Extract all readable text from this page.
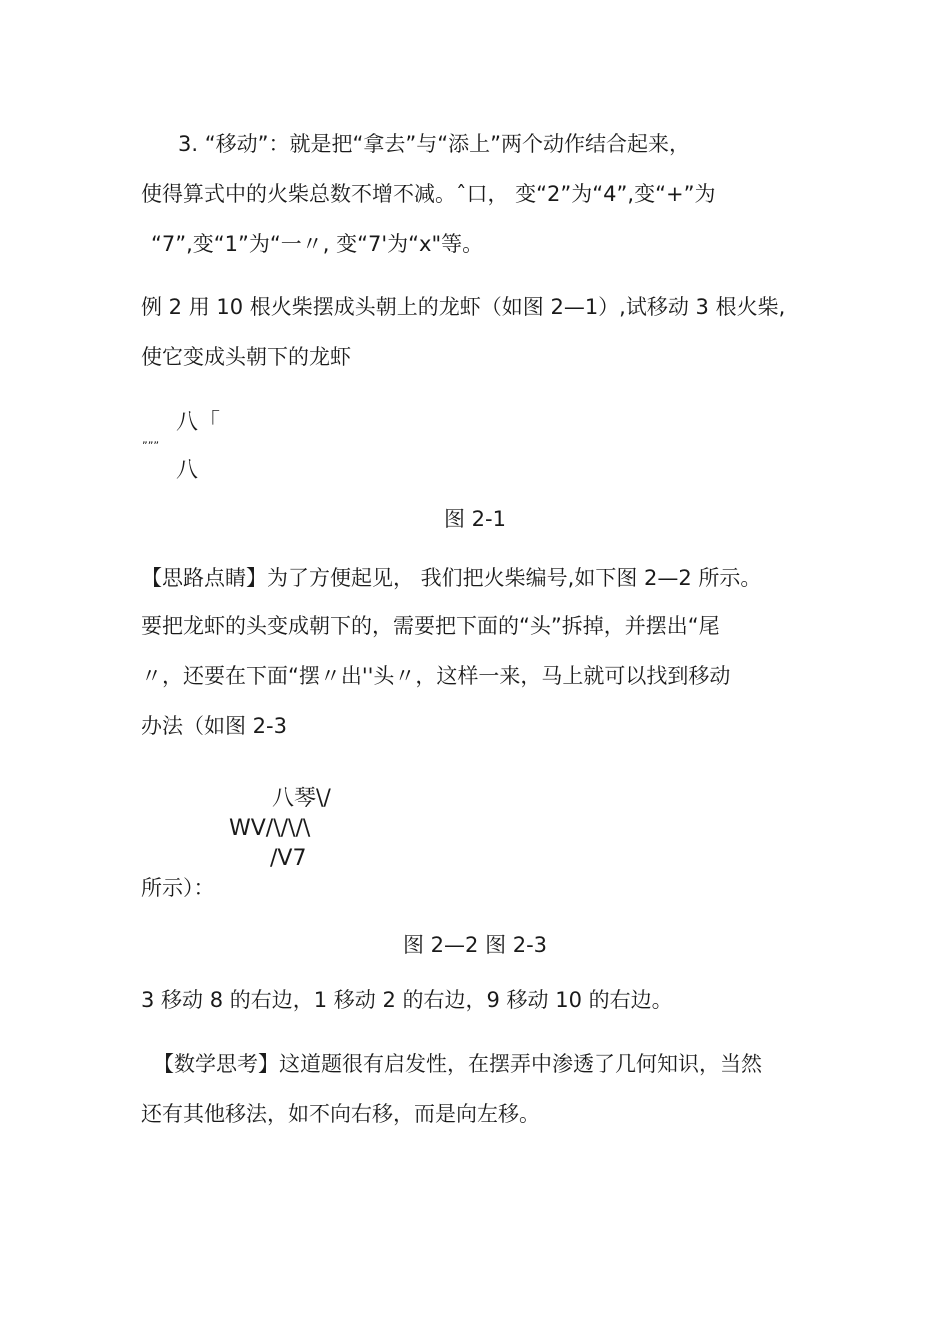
3. “移动”：就是把“拿去”与“添上”两个动作结合起来，

使得算式中的火柴总数不增不减。ˆ口， 变“2”为“4”,变“+”为

“7”,变“1”为“一〃, 变“7'为“x"等。

例 2 用 10 根火柴摆成头朝上的龙虾（如图 2—1）,试移动 3 根火柴,

使它变成头朝下的龙虾

八「

ˮˮˮ

八

图 2-1

【思路点睛】为了方便起见， 我们把火柴编号,如下图 2—2 所示。

要把龙虾的头变成朝下的，需要把下面的“头”拆掉，并摆出“尾

〃，还要在下面“摆〃出''头〃，这样一来，马上就可以找到移动

办法（如图 2-3

八琴\/

WV/\/\/\

/V7

所示）：

图 2—2 图 2-3

3 移动 8 的右边，1 移动 2 的右边，9 移动 10 的右边。

【数学思考】这道题很有启发性，在摆弄中渗透了几何知识，当然

还有其他移法，如不向右移，而是向左移。
